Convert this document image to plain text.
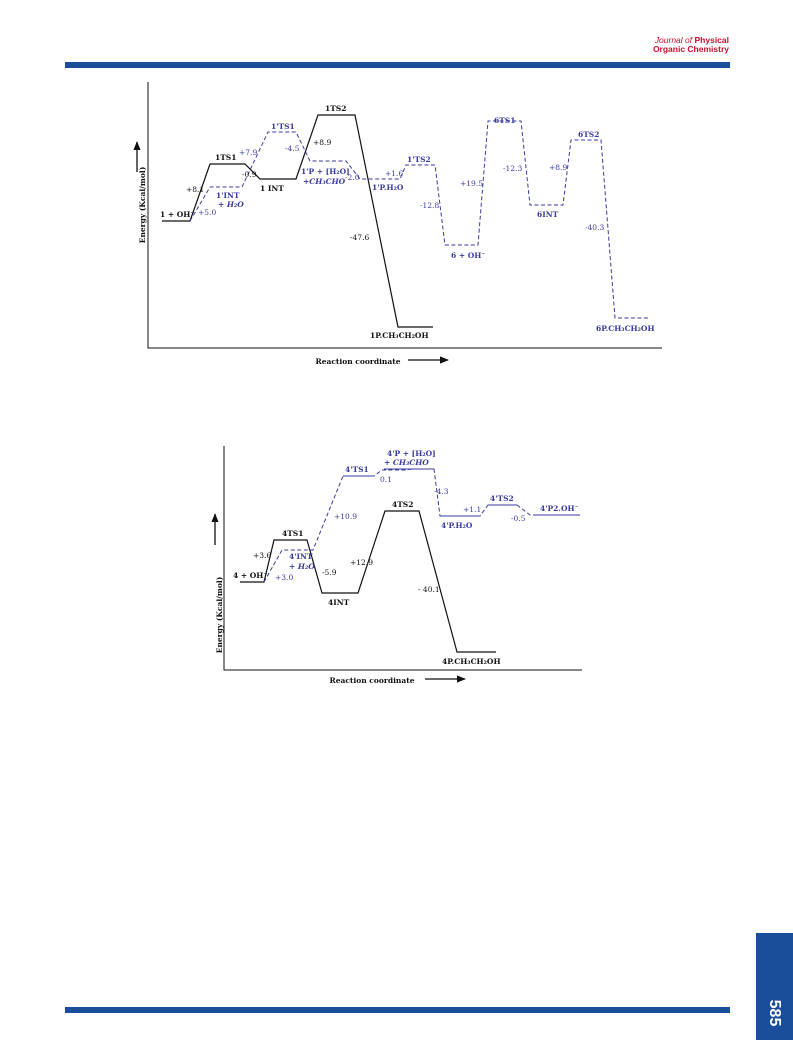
Journal of Physical
Organic Chemistry
Energy (Kcal/mol)
Reaction coordinate
1 + OH⁻
1TS1
1 INT
1TS2
1P.CH₃CH₂OH
1'INT
+ H₂O
1'TS1
1'P + [H₂O]
+CH₃CHO
1'P.H₂O
1'TS2
6 + OH⁻
6TS1
6INT
6TS2
6P.CH₃CH₂OH
+8.1
-0.9
+8.9
-47.6
+5.0
+7.9	-4.5
-2.0	+1.6
-12.8
+19.5
-12.3	+8.9
-40.3
Energy (Kcal/mol)
Reaction coordinate
4 + OH⁻
4TS1
4INT
4TS2
4P.CH₃CH₂OH
4'INT
+ H₂O
4'TS1
4'P + [H₂O]
+ CH₃CHO
4'P.H₂O
4'TS2
4'P2.OH⁻
+3.6
+3.0
-5.9
+12.9
- 40.1
+10.9
0.1
-4.3
+1.1
-0.5
585
